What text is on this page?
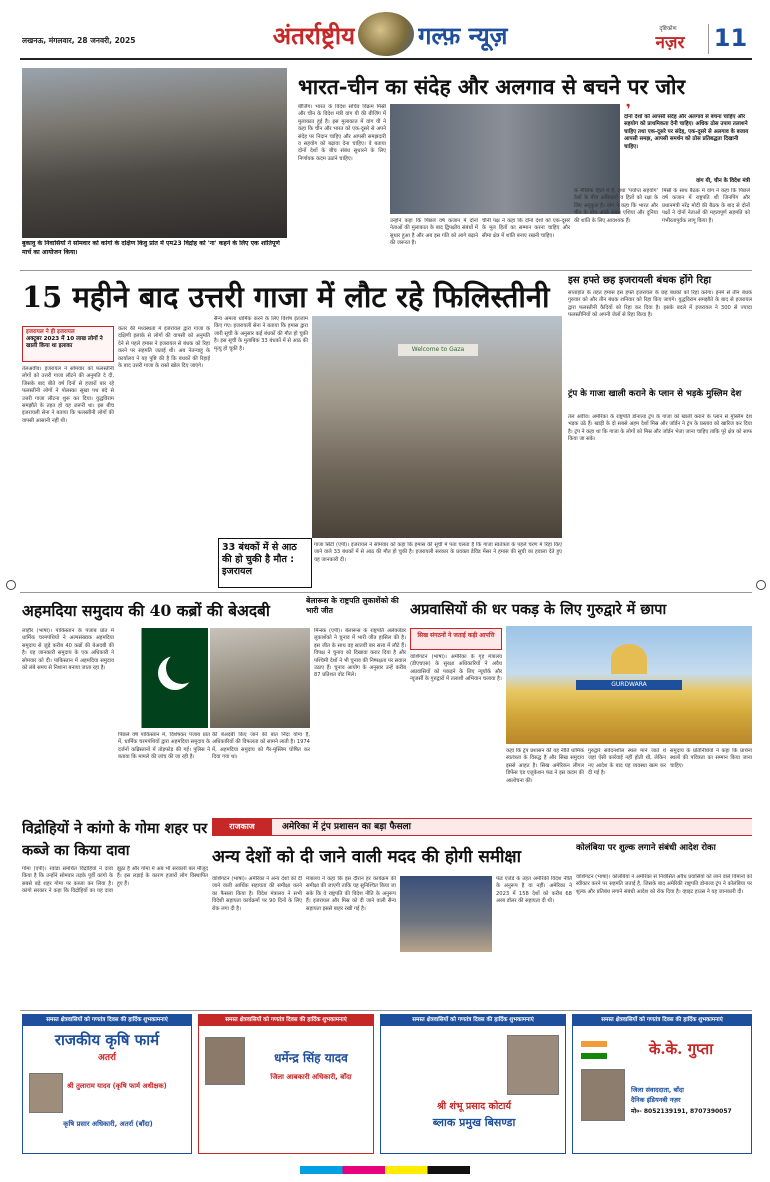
लखनऊ, मंगलवार, 28 जनवरी, 2025	अंतर्राष्ट्रीय	गल्फ़ न्यूज़	दृष्टिकोण
नज़र	11
बुकावु के निवासियों ने सोमवार को कांगो के दक्षिण किवु प्रांत में एम23 विद्रोह को 'ना' कहने के लिए एक शांतिपूर्ण मार्च का आयोजन किया।
भारत-चीन का संदेह और अलगाव से बचने पर जोर
बीजिंग। भारत के विदेश सचिव विक्रम मिस्री और चीन के विदेश मंत्री वांग यी की बीजिंग में मुलाकात हुई है। इस मुलाकात में वांग यी ने कहा कि चीन और भारत को एक-दूसरे से अपने संदेह पर निदान चाहिए और आपसी समझदारी व सहयोग को बढ़ावा देना चाहिए। वे बताया दोनों देशों के बीच संबंध सुधारने के लिए निर्णायक कदम उठाने चाहिए।
❜
दोनों देशों को आपसी संदेह और अलगाव से बचना चाहिए और सहयोग को प्राथमिकता देनी चाहिए। अधिक ठोस उपाय तलाशने चाहिए तथा एक-दूसरे पर संदेह, एक-दूसरे से अलगाव के बजाय आपसी समझ, आपसी समर्थन को ठोस प्रतिबद्धता दिखानी चाहिए।
वांग यी, चीन के विदेश मंत्री
उन्होंने कहा कि पिछले वर्ष कजान में दोनों नेताओं की मुलाकात के बाद द्विपक्षीय संबंधों में सुधार हुआ है और अब इस गति को आगे बढ़ाने की जरूरत है।
चीनी पक्ष ने कहा कि दोनों देशों को एक-दूसरे के मूल हितों का सम्मान करना चाहिए और सीमा क्षेत्र में शांति बनाए रखनी चाहिए।
के मौलिक हितों में है, तथा 'पर्याप्त सहयोग' देशों के बीच अधिकारों व हितों को रक्षा के लिए अनुकूल है। वांग ने कहा कि भारत और चीन के बीच अच्छे संबंध एशिया और दुनिया की शांति के लिए आवश्यक हैं।
मिस्री के साथ बैठक में वांग ने कहा कि पिछले वर्ष कजान में राष्ट्रपति शी जिनपिंग और प्रधानमंत्री नरेंद्र मोदी की बैठक के बाद से दोनों पक्षों ने दोनों नेताओं की महत्वपूर्ण सहमति को गंभीरतापूर्वक लागू किया है।
15 महीने बाद उत्तरी गाजा में लौट रहे फिलिस्तीनी
इजरायल ने ही इजरायल
अक्टूबर 2023 में 10 लाख लोगों ने खाली किया था इलाका
तेलअवीव। इजरायल ने सोमवार को फलस्तीनी लोगों को उत्तरी गाजा लौटने की अनुमति दे दी, जिसके बाद बीते वर्ष दिनों से हजारों बार रहे फलस्तीनी लोगों ने पोलस्का सूखा पथ बंदे से उत्तरी गाजा लौटना शुरू कर दिया। युद्धविराम समझौते के तहत हो यह जरूरी था। इस बीच इजरायली सेना ने बताया कि फलस्तीनी लोगों की वापसी आसानी नहीं थी।
कतर की मध्यस्थता में इजरायल द्वारा गाजा के दक्षिणी इलाके से लोगों की वापसी को अनुमति देने से पहले हमास ने इजरायल से बंधक को रिहा करने पर सहमति जताई थी। अब नेतन्याहू के कार्यालय ने यह पुष्टि की है कि बंधकों की रिहाई के बाद उत्तरी गाजा के रास्ते खोल दिए जाएंगे।
सैन्य अमला धार्मिक करने के लिए विशेष इंतजाम किए गए। इजरायली सेना ने बताया कि हमास द्वारा जारी सूची के अनुसार कई बंधकों की मौत हो चुकी है। इस सूची के मुताबिक 33 बंधकों में से आठ की मृत्यु हो चुकी है।	Welcome to Gaza
33 बंधकों में से आठ की हो चुकी है मौत : इजरायल
गाजा सिटी (एपी)। इजरायल ने सोमवार को कहा कि हमास की सूची में पता चलता है कि गाजा स्वतंत्रता के पहले चरण में रिहा किए जाने वाले 33 बंधकों में से आठ की मौत हो चुकी है। इजरायली सरकार के प्रवक्ता डेविड मेंसर ने हमास की सूची का हवाला देते हुए यह जानकारी दी।
इस हफ्ते छह इजरायली बंधक होंगे रिहा
सप्ताहांत के तहत हमास इस हफ्ते इजरायल के छह बंधकों को रिहा करेगा। इनमें से तीन बंधक गुरुवार को और तीन बंधक शनिवार को रिहा किए जाएंगे। युद्धविराम समझौते के बाद से इजरायल द्वारा फलस्तीनी कैदियों को रिहा कर दिया है। इसके बदले में इजरायल ने 300 से ज्यादा फलस्तीनियों को अपनी जेलों से रिहा किया है।
ट्रंप के गाजा खाली कराने के प्लान से भड़के मुस्लिम देश
तेल अवीव। अमेरिका के राष्ट्रपति डोनाल्ड ट्रंप के गाजा को खाली कराने के प्लान से मुस्लिम देश भड़क उठे हैं। खाड़ी के दो सबसे अहम देशों मिस्र और जॉर्डन ने ट्रंप के प्रस्ताव को खारिज कर दिया है। ट्रंप ने कहा था कि गाजा के लोगों को मिस्र और जॉर्डन भेजा जाना चाहिए ताकि पूरे क्षेत्र को साफ किया जा सके।
अहमदिया समुदाय की 40 कब्रों की बेअदबी
लाहौर (भाषा)। पाकिस्तान के पंजाब प्रांत में धार्मिक चरमपंथियों ने अल्पसंख्यक अहमदिया समुदाय से जुड़े करीब 40 कब्रों की बेअदबी की है। यह जानकारी समुदाय के एक अधिकारी ने सोमवार को दी। पाकिस्तान में अहमदिया समुदाय को लंबे समय से निशाना बनाया जाता रहा है।
पिछले वर्ष पाकिस्तान में, विशेषकर पंजाब प्रांत में, धार्मिक चरमपंथियों द्वारा अहमदिया समुदाय के दर्जनों कब्रिस्तानों में तोड़फोड़ की गई। पुलिस ने बताया कि मामले की जांच की जा रही है।
की बेअदबी किए जाने की बात निंदा योग्य है, अधिकारियों की विफलता को सामने लाती है। 1974 में, अहमदिया समुदाय को गैर-मुस्लिम घोषित कर दिया गया था।
बेलारूस के राष्ट्रपति लुकाशेंको की भारी जीत
मिन्स्क (एपी)। बेलारूस के राष्ट्रपति अलेक्जेंडर लुकाशेंको ने चुनाव में भारी जीत हासिल की है। इस जीत के साथ वह सातवीं बार सत्ता में लौटे हैं। विपक्ष ने चुनाव को दिखावा करार दिया है और पश्चिमी देशों ने भी चुनाव की निष्पक्षता पर सवाल उठाए हैं। चुनाव आयोग के अनुसार उन्हें करीब 87 प्रतिशत वोट मिले।
अप्रवासियों की धर पकड़ के लिए गुरुद्वारे में छापा
सिख संगठनों ने जताई कड़ी आपत्ति
वाशिंगटन (भाषा)। अमेरिका के गृह मंत्रालय (डीएचएस) के सुरक्षा अधिकारियों ने अवैध अप्रवासियों को पकड़ने के लिए न्यूयॉर्क और न्यूजर्सी के गुरुद्वारों में तलाशी अभियान चलाया है।
GURDWARA
कहा कि ट्रंप प्रशासन की यह नीति धार्मिक स्वतंत्रता के विरुद्ध है और सिख समुदाय इससे आहत है। सिख अमेरिकन लीगल डिफेंस एंड एजुकेशन फंड ने इस कदम की आलोचना की।
गुरुद्वारे संवेदनशील स्थल माने जाते थे जहां ऐसी कार्रवाई नहीं होती थी, लेकिन नए आदेश के बाद यह व्यवस्था खत्म कर दी गई है।
समुदाय के प्रतिनिधियों ने कहा कि प्रार्थना स्थलों की पवित्रता का सम्मान किया जाना चाहिए।
विद्रोहियों ने कांगो के गोमा शहर पर कब्जे का किया दावा
गोमा (एपी)। रवांडा समर्थित विद्रोहियों ने दावा किया है कि उन्होंने सोमवार तड़के पूर्वी कांगो के सबसे बड़े शहर गोमा पर कब्जा कर लिया है। कांगो सरकार ने कहा कि विद्रोहियों का यह दावा झूठा है और गोमा में अब भी सरकारी बल मौजूद हैं। इस लड़ाई के कारण हजारों लोग विस्थापित हुए हैं।
राजकाज	अमेरिका में ट्रंप प्रशासन का बड़ा फैसला
अन्य देशों को दी जाने वाली मदद की होगी समीक्षा
वाशिंगटन (भाषा)। अमेरिका ने अन्य देशों को दी जाने वाली आर्थिक सहायता की समीक्षा करने का फैसला किया है। विदेश मंत्रालय ने सभी विदेशी सहायता कार्यक्रमों पर 90 दिनों के लिए रोक लगा दी है।
मंत्रालय ने कहा कि इस दौरान हर कार्यक्रम की समीक्षा की जाएगी ताकि यह सुनिश्चित किया जा सके कि वे राष्ट्रपति की विदेश नीति के अनुरूप हैं। इजरायल और मिस्र को दी जाने वाली सैन्य सहायता इससे बाहर रखी गई है।
फंड एजेंडे के तहत अमेरिकी विदेश नीति के अनुरूप है या नहीं। अमेरिका ने 2023 में 158 देशों को करीब 68 अरब डॉलर की सहायता दी थी।
कोलंबिया पर शुल्क लगाने संबंधी आदेश रोका
वाशिंगटन (भाषा)। कोलंबिया ने अमेरिका से निर्वासित अवैध प्रवासियों को लाने वाले विमानों को स्वीकार करने पर सहमति जताई है, जिसके बाद अमेरिकी राष्ट्रपति डोनाल्ड ट्रंप ने कोलंबिया पर शुल्क और प्रतिबंध लगाने संबंधी आदेश को रोक दिया है। व्हाइट हाउस ने यह जानकारी दी।
समस्त क्षेत्रवासियों को गणतंत्र दिवस की हार्दिक शुभकामनाएं
राजकीय कृषि फार्म
अतर्रा
श्री तुलाराम यादव (कृषि फार्म अधीक्षक)
कृषि प्रसार अधिकारी, अतर्रा (बाँदा)
समस्त क्षेत्रवासियों को गणतंत्र दिवस की हार्दिक शुभकामनाएं
धर्मेन्द्र सिंह यादव
जिला आबकारी अधिकारी, बाँदा
समस्त क्षेत्रवासियों को गणतंत्र दिवस की हार्दिक शुभकामनाएं
श्री शंभू प्रसाद कोटार्य
ब्लाक प्रमुख बिसण्डा
समस्त क्षेत्रवासियों को गणतंत्र दिवस की हार्दिक शुभकामनाएं
के.के. गुप्ता
जिला संवाददाता, बाँदा
दैनिक इंडियनबी नज़र
मो०- 8052139191, 8707390057
